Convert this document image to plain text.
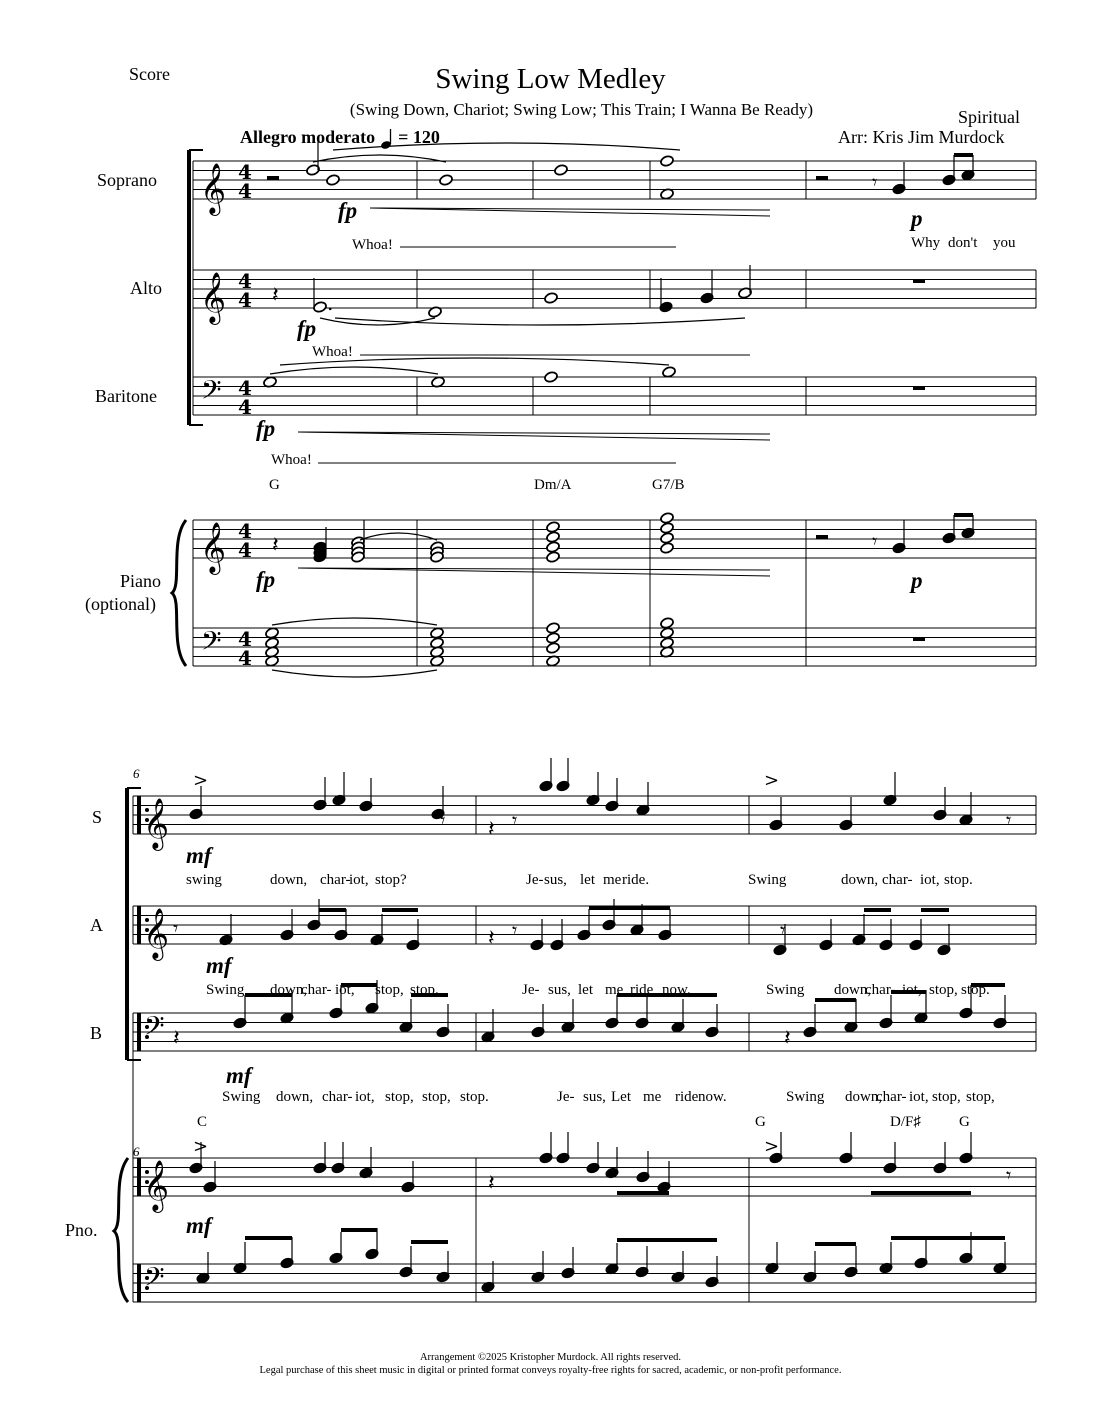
𝄞 4
4
𝄞 4
4
𝄢 4
4
𝄞 4
4
𝄢 4
4
𝄾
𝄽 .
𝄽	𝄾
𝄞
𝄞
𝄢
𝄞
𝄢
>	>
𝄽
𝄽
𝄽
𝄽
𝄾
𝄾
𝄾
𝄾
𝄾
𝄾
>	>
𝄽	𝄾
Score	Swing Low Medley
(Swing Down, Chariot; Swing Low; This Train; I Wanna Be Ready)	Spiritual
Arr: Kris Jim Murdock
Allegro moderato = 120
Soprano
Alto
Baritone
Piano
(optional)
fp	p
fp
fp
fp	p
Whoa!	Why don't you
Whoa!
Whoa!
G	Dm/A	G7/B
6
S
A
B
Pno.
6
mf
mf
mf
mf
swing	down, char-
iot, stop?	Je- sus, let me ride.	Swing	down, char- iot, stop.
Swing down,
char- iot, stop, stop.	Je- sus, let me ride now.	Swing down,
char- iot, stop, stop.
Swing down, char- iot, stop, stop, stop.	Je- sus, Let me ride now.	Swing down,
char- iot, stop, stop,
C	G	D/F♯	G
Arrangement ©2025 Kristopher Murdock. All rights reserved.
Legal purchase of this sheet music in digital or printed format conveys royalty-free rights for sacred, academic, or non-profit performance.
